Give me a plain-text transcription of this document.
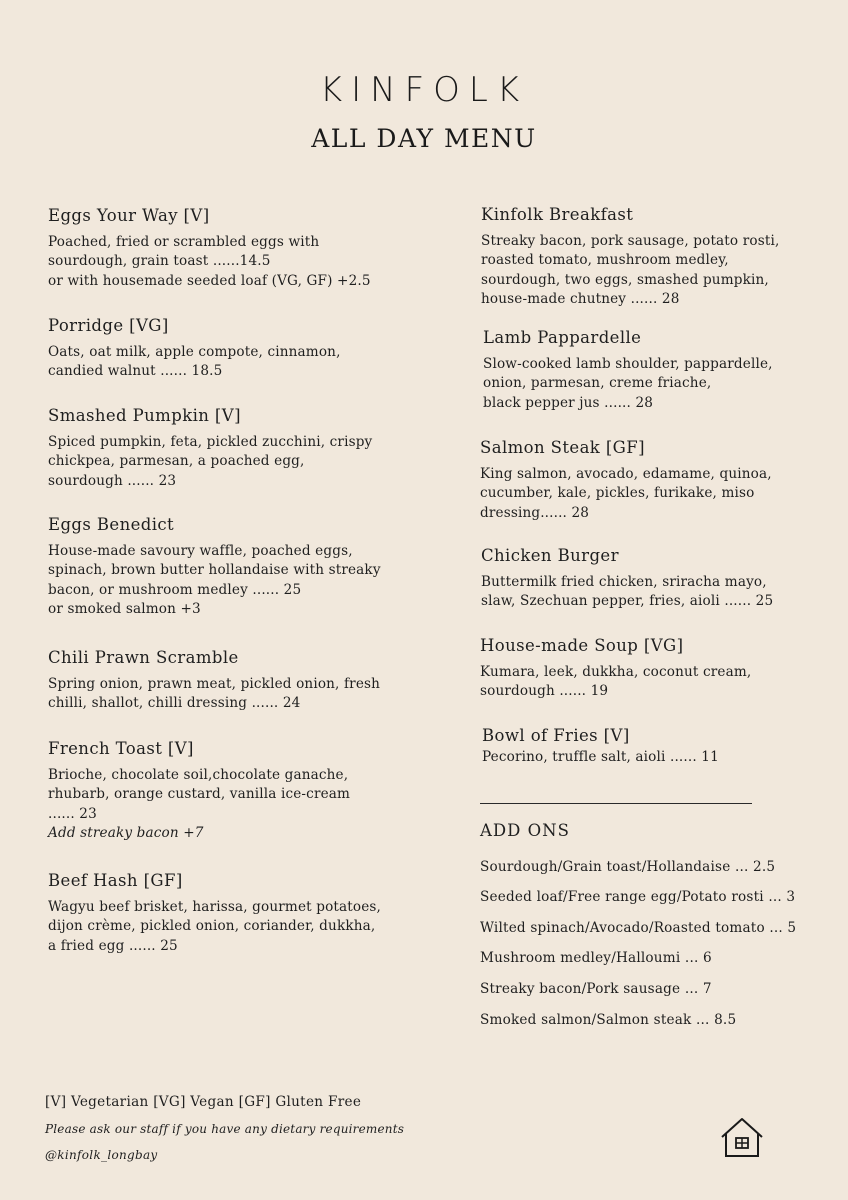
KINFOLK
ALL DAY MENU
Eggs Your Way [V]
Poached, fried or scrambled eggs with
sourdough, grain toast ......14.5
or with housemade seeded loaf (VG, GF) +2.5
Porridge [VG]
Oats, oat milk, apple compote, cinnamon,
candied walnut ...... 18.5
Smashed Pumpkin [V]
Spiced pumpkin, feta, pickled zucchini, crispy
chickpea, parmesan, a poached egg,
sourdough ...... 23
Eggs Benedict
House-made savoury waffle, poached eggs,
spinach, brown butter hollandaise with streaky
bacon, or mushroom medley ...... 25
or smoked salmon +3
Chili Prawn Scramble
Spring onion, prawn meat, pickled onion, fresh
chilli, shallot, chilli dressing ...... 24
French Toast [V]
Brioche, chocolate soil,chocolate ganache,
rhubarb, orange custard, vanilla ice-cream
...... 23
Add streaky bacon +7
Beef Hash [GF]
Wagyu beef brisket, harissa, gourmet potatoes,
dijon crème, pickled onion, coriander, dukkha,
a fried egg ...... 25
Kinfolk Breakfast
Streaky bacon, pork sausage, potato rosti,
roasted tomato, mushroom medley,
sourdough, two eggs, smashed pumpkin,
house-made chutney ...... 28
Lamb Pappardelle
Slow-cooked lamb shoulder, pappardelle,
onion, parmesan, creme friache,
black pepper jus ...... 28
Salmon Steak [GF]
King salmon, avocado, edamame, quinoa,
cucumber, kale, pickles, furikake, miso
dressing...... 28
Chicken Burger
Buttermilk fried chicken, sriracha mayo,
slaw, Szechuan pepper, fries, aioli ...... 25
House-made Soup [VG]
Kumara, leek, dukkha, coconut cream,
sourdough ...... 19
Bowl of Fries [V]
Pecorino, truffle salt, aioli ...... 11
ADD ONS
Sourdough/Grain toast/Hollandaise ... 2.5
Seeded loaf/Free range egg/Potato rosti ... 3
Wilted spinach/Avocado/Roasted tomato ... 5
Mushroom medley/Halloumi ... 6
Streaky bacon/Pork sausage ... 7
Smoked salmon/Salmon steak ... 8.5
[V] Vegetarian [VG] Vegan [GF] Gluten Free
Please ask our staff if you have any dietary requirements
@kinfolk_longbay
